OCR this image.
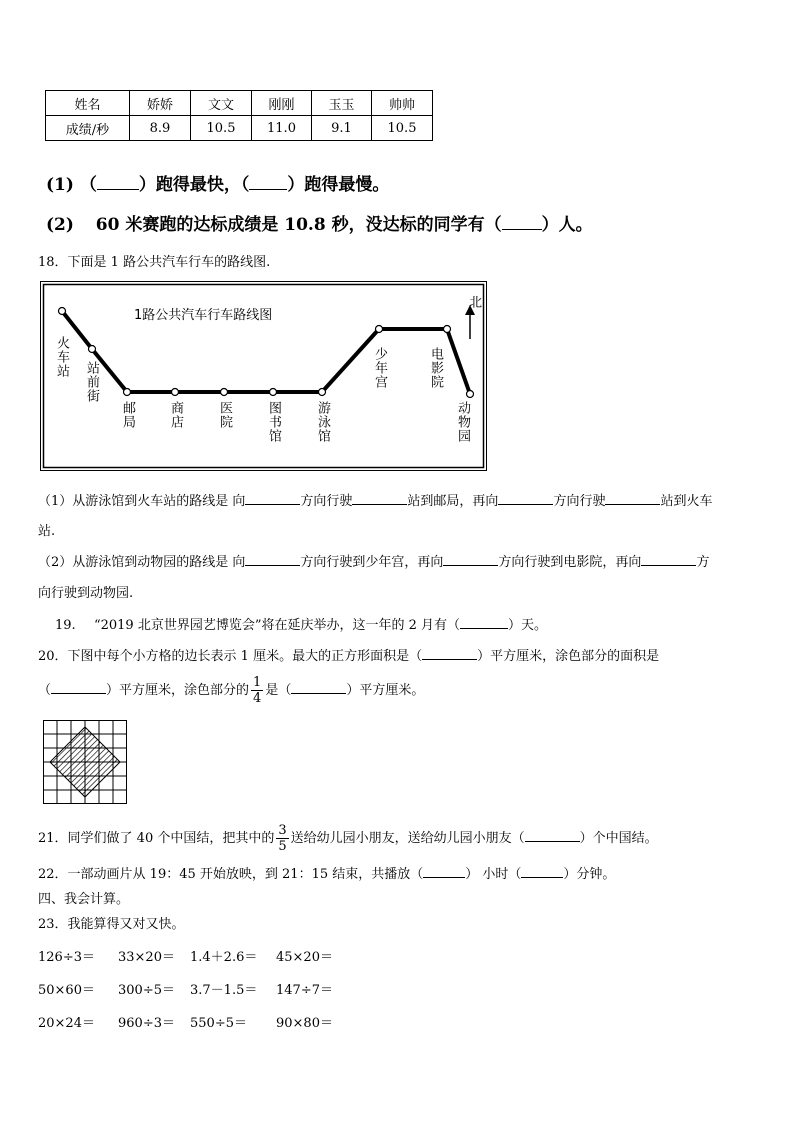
姓名	娇娇	文文	刚刚	玉玉	帅帅
成绩/秒	8.9	10.5	11.0	9.1	10.5
(1) （ ）跑得最快，（ ）跑得最慢。
(2) 60 米赛跑的达标成绩是 10.8 秒，没达标的同学有（ ）人。
18．下面是 1 路公共汽车行车的路线图.
1路公共汽车行车路线图
北
火车站
站前街
邮局	商店	医院	图书馆	游泳馆
少年宫	电影院
动物园
（1）从游泳馆到火车站的路线是 向	方向行驶	站到邮局，再向	方向行驶	站到火车
站.
（2）从游泳馆到动物园的路线是 向	方向行驶到少年宫，再向	方向行驶到电影院，再向	方
向行驶到动物园.
19. “2019 北京世界园艺博览会”将在延庆举办，这一年的 2 月有（	）天。
20．下图中每个小方格的边长表示 1 厘米。最大的正方形面积是（	）平方厘米，涂色部分的面积是
（	）平方厘米，涂色部分的 $\frac{1}{4}$ 是（	）平方厘米。
21．同学们做了 40 个中国结，把其中的 $\frac{3}{5}$ 送给幼儿园小朋友，送给幼儿园小朋友（	）个中国结。
22．一部动画片从 19：45 开始放映，到 21：15 结束，共播放（	） 小时（	）分钟。
四、我会计算。
23．我能算得又对又快。
126÷3＝ 33×20＝ 1.4＋2.6＝ 45×20＝
50×60＝ 300÷5＝ 3.7－1.5＝ 147÷7＝
20×24＝ 960÷3＝ 550÷5＝ 90×80＝
